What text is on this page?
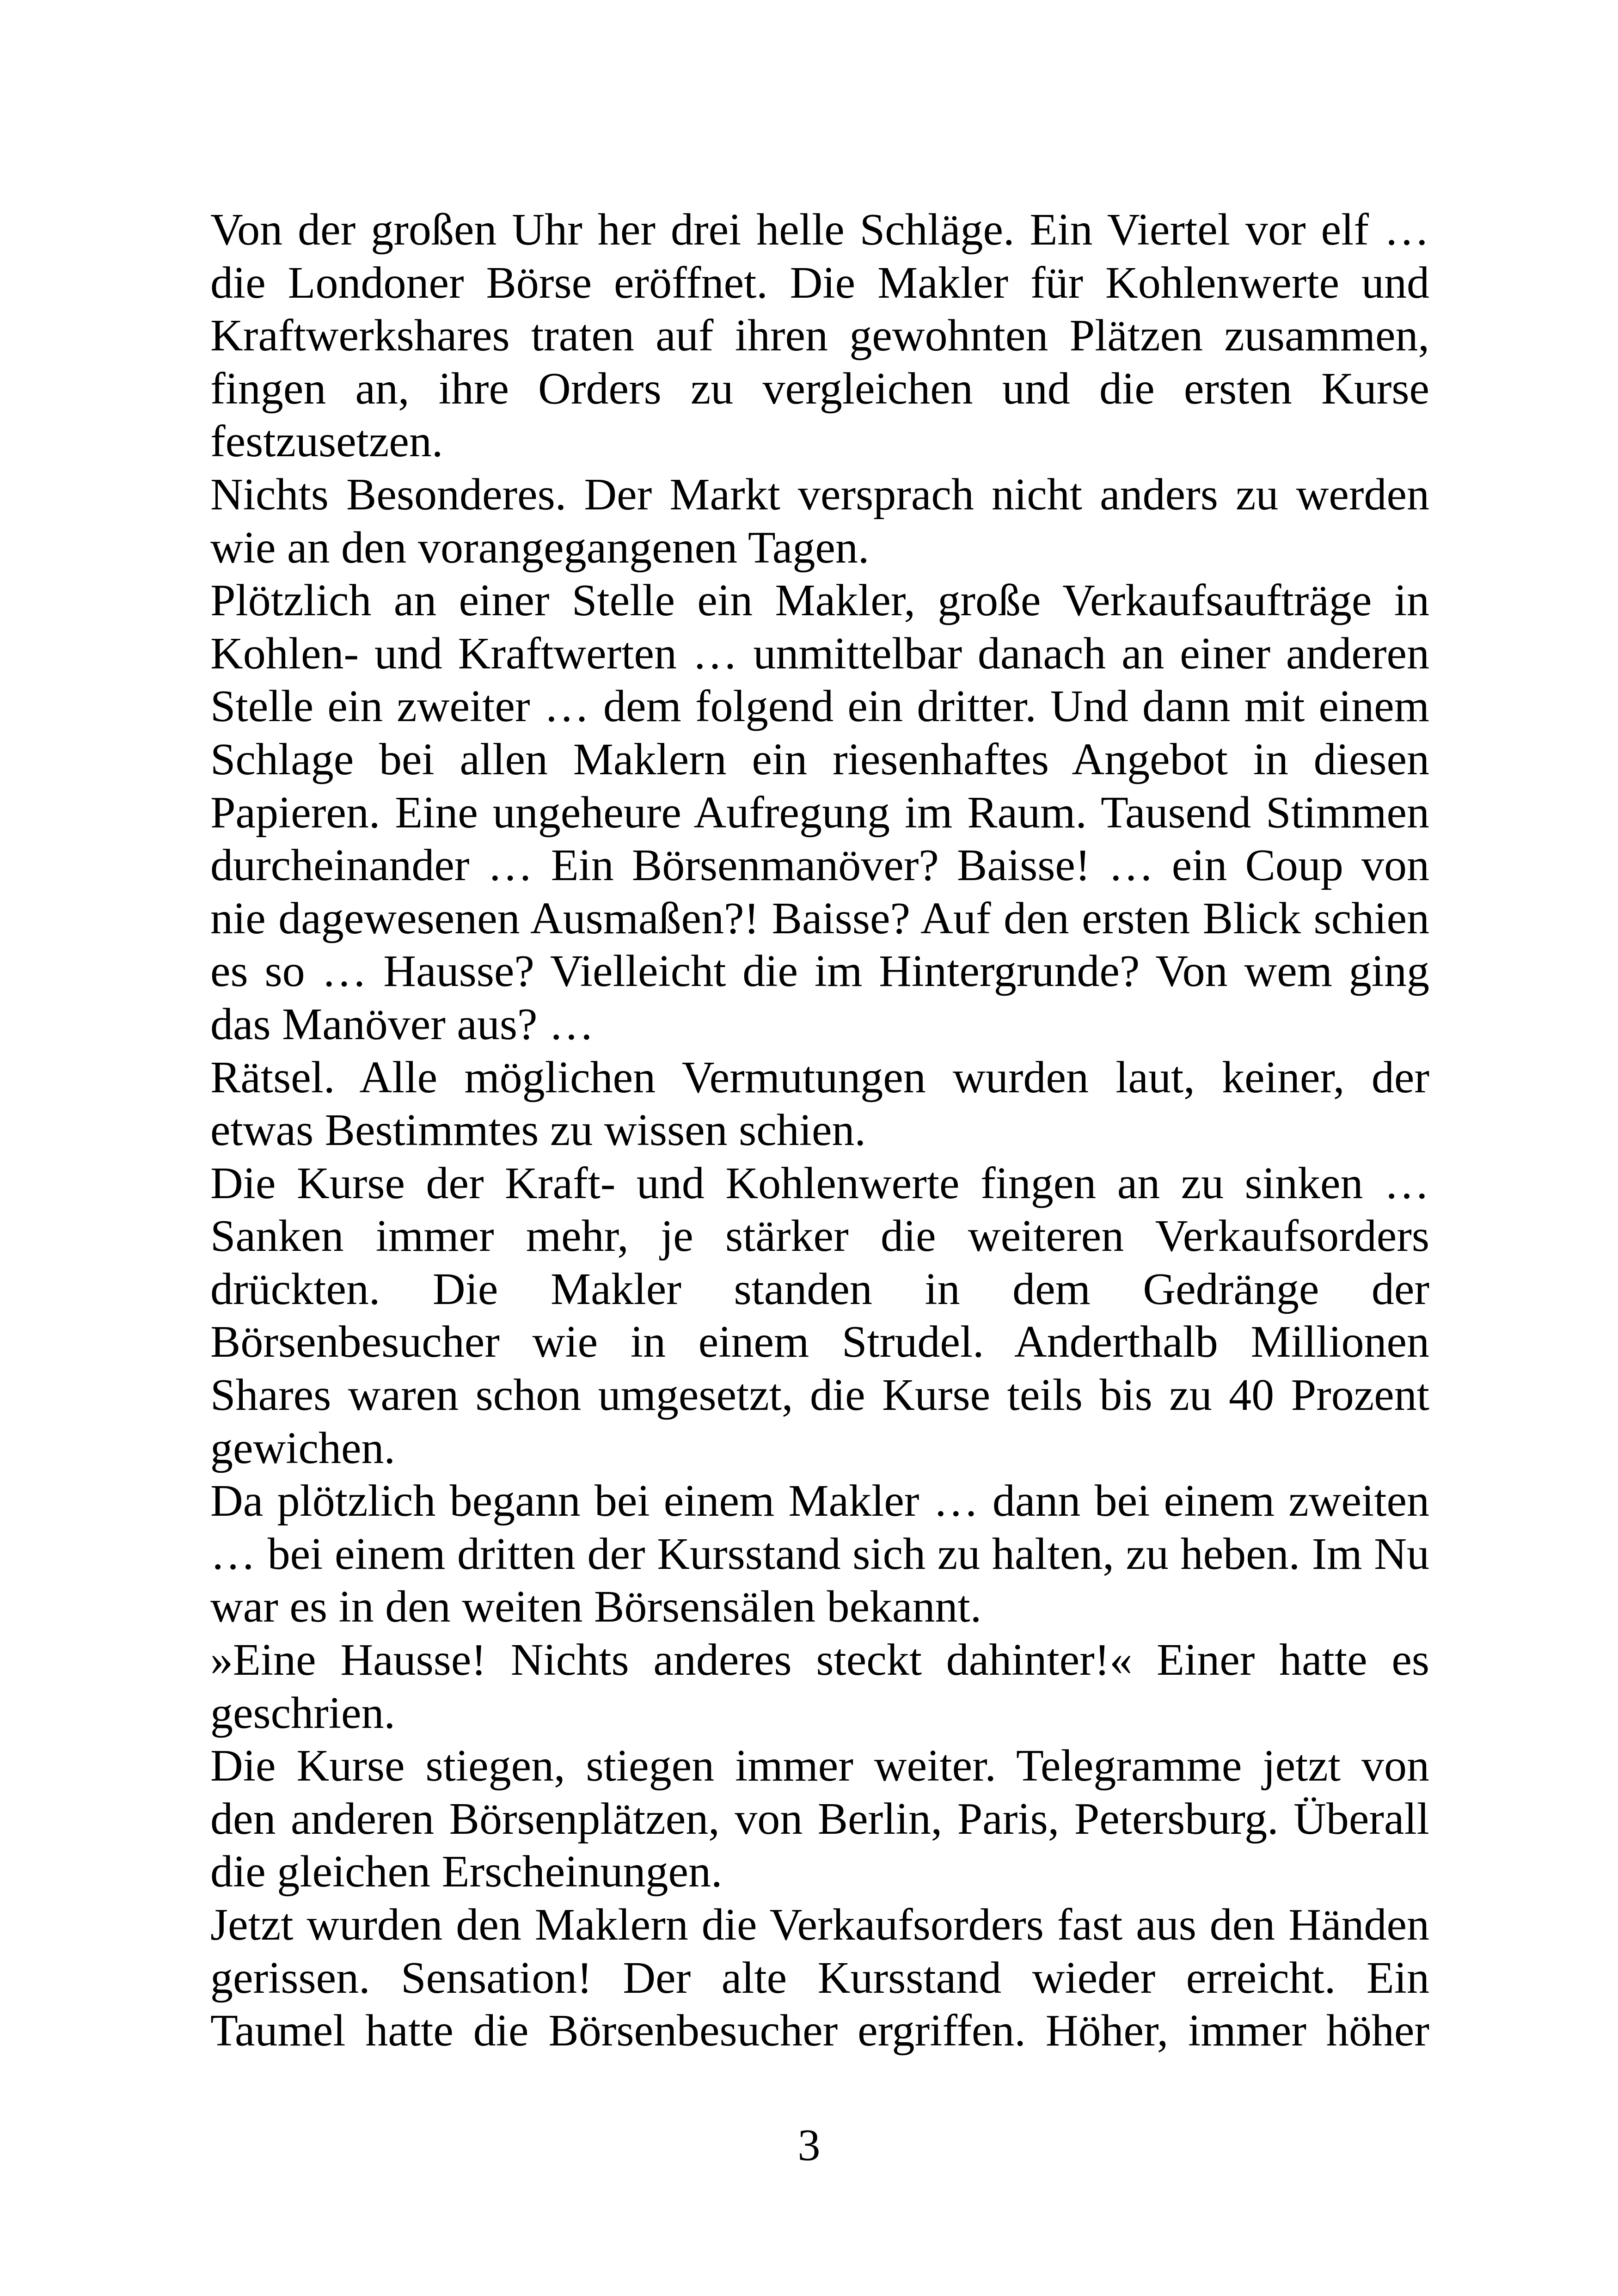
Von der großen Uhr her drei helle Schläge. Ein Viertel vor elf … die Londoner Börse eröffnet. Die Makler für Kohlenwerte und Kraftwerkshares traten auf ihren gewohnten Plätzen zusammen, fingen an, ihre Orders zu vergleichen und die ersten Kurse festzusetzen.

Nichts Besonderes. Der Markt versprach nicht anders zu werden wie an den vorangegangenen Tagen.

Plötzlich an einer Stelle ein Makler, große Verkaufsaufträge in Kohlen- und Kraftwerten … unmittelbar danach an einer anderen Stelle ein zweiter … dem folgend ein dritter. Und dann mit einem Schlage bei allen Maklern ein riesenhaftes Angebot in diesen Papieren. Eine ungeheure Aufregung im Raum. Tausend Stimmen durcheinander … Ein Börsenmanöver? Baisse! … ein Coup von nie dagewesenen Ausmaßen?! Baisse? Auf den ersten Blick schien es so … Hausse? Vielleicht die im Hintergrunde? Von wem ging das Manöver aus? …

Rätsel. Alle möglichen Vermutungen wurden laut, keiner, der etwas Bestimmtes zu wissen schien.

Die Kurse der Kraft- und Kohlenwerte fingen an zu sinken … Sanken immer mehr, je stärker die weiteren Verkaufsorders drückten. Die Makler standen in dem Gedränge der Börsenbesucher wie in einem Strudel. Anderthalb Millionen Shares waren schon umgesetzt, die Kurse teils bis zu 40 Prozent gewichen.

Da plötzlich begann bei einem Makler … dann bei einem zweiten … bei einem dritten der Kursstand sich zu halten, zu heben. Im Nu war es in den weiten Börsensälen bekannt.

»Eine Hausse! Nichts anderes steckt dahinter!« Einer hatte es geschrien.

Die Kurse stiegen, stiegen immer weiter. Telegramme jetzt von den anderen Börsenplätzen, von Berlin, Paris, Petersburg. Überall die gleichen Erscheinungen.

Jetzt wurden den Maklern die Verkaufsorders fast aus den Händen gerissen. Sensation! Der alte Kursstand wieder erreicht. Ein Taumel hatte die Börsenbesucher ergriffen. Höher, immer höher

3
